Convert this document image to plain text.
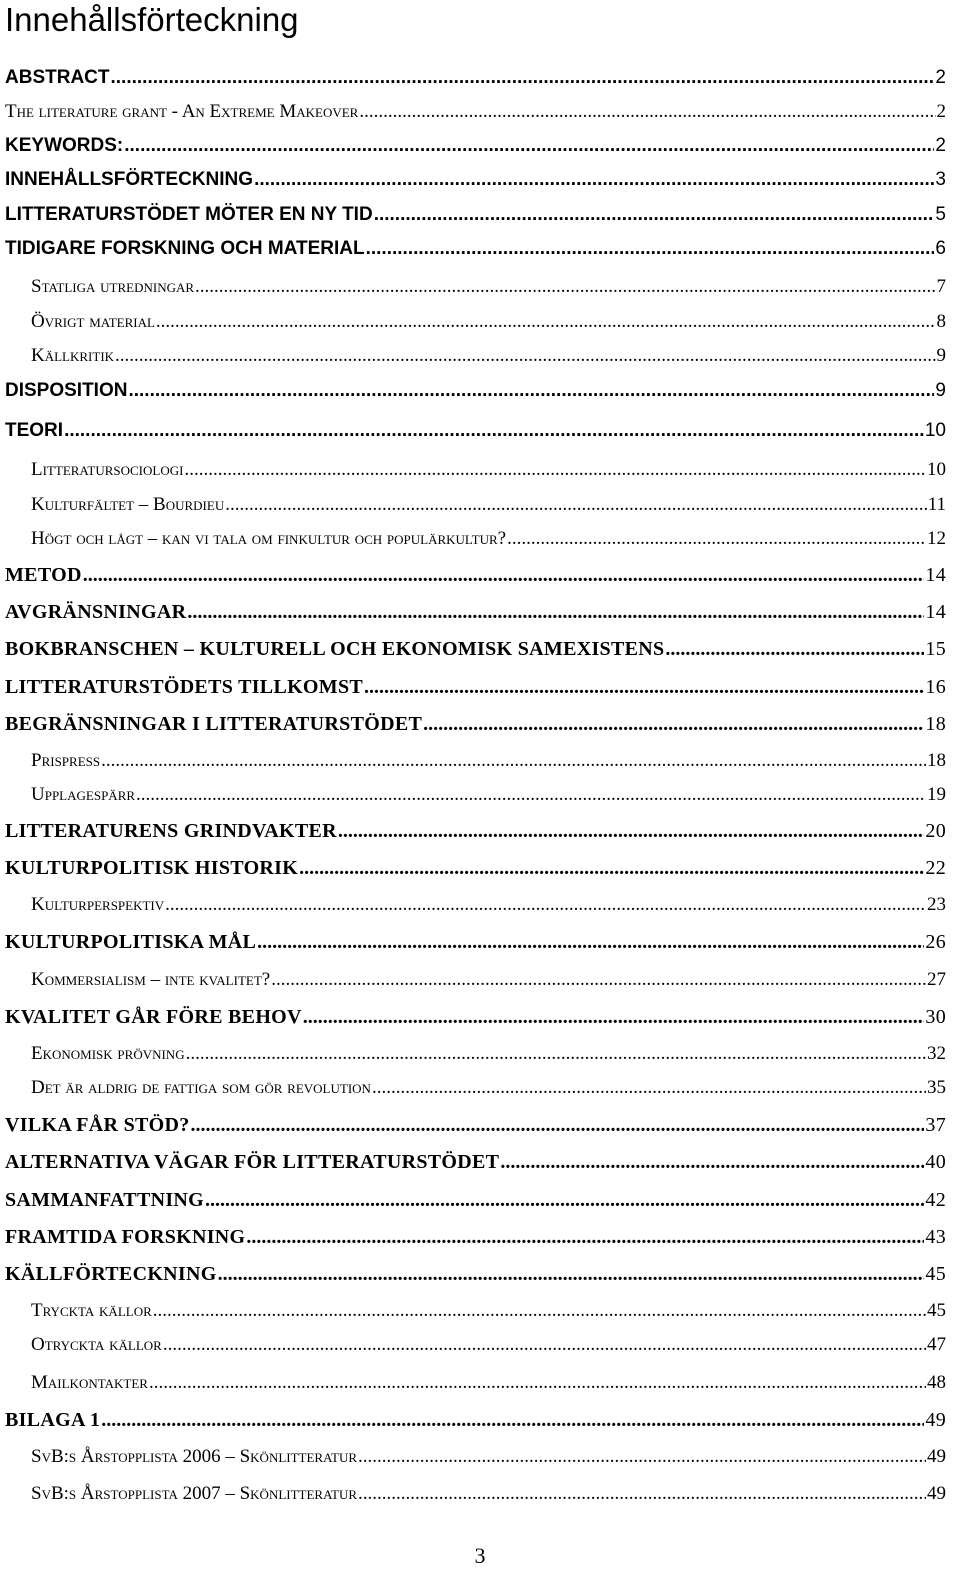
Innehållsförteckning
ABSTRACT .....	2
The literature grant - An Extreme Makeover .....	2
KEYWORDS: .....	2
INNEHÅLLSFÖRTECKNING .....	3
LITTERATURSTÖDET MÖTER EN NY TID .....	5
TIDIGARE FORSKNING OCH MATERIAL .....	6
Statliga utredningar .....	7
Övrigt material .....	8
Källkritik .....	9
DISPOSITION .....	9
TEORI .....	10
Litteratursociologi .....	10
Kulturfältet – Bourdieu .....	11
Högt och lågt – kan vi tala om finkultur och populärkultur? .....	12
METOD .....	14
AVGRÄNSNINGAR .....	14
BOKBRANSCHEN – KULTURELL OCH EKONOMISK SAMEXISTENS .....	15
LITTERATURSTÖDETS TILLKOMST .....	16
BEGRÄNSNINGAR I LITTERATURSTÖDET .....	18
Prispress .....	18
Upplagespärr .....	19
LITTERATURENS GRINDVAKTER .....	20
KULTURPOLITISK HISTORIK .....	22
Kulturperspektiv .....	23
KULTURPOLITISKA MÅL .....	26
Kommersialism – inte kvalitet? .....	27
KVALITET GÅR FÖRE BEHOV .....	30
Ekonomisk prövning .....	32
Det är aldrig de fattiga som gör revolution .....	35
VILKA FÅR STÖD? .....	37
ALTERNATIVA VÄGAR FÖR LITTERATURSTÖDET .....	40
SAMMANFATTNING .....	42
FRAMTIDA FORSKNING .....	43
KÄLLFÖRTECKNING .....	45
Tryckta källor .....	45
Otryckta källor .....	47
Mailkontakter .....	48
BILAGA 1 .....	49
SvB:s Årstopplista 2006 – Skönlitteratur .....	49
SvB:s Årstopplista 2007 – Skönlitteratur .....	49
3
